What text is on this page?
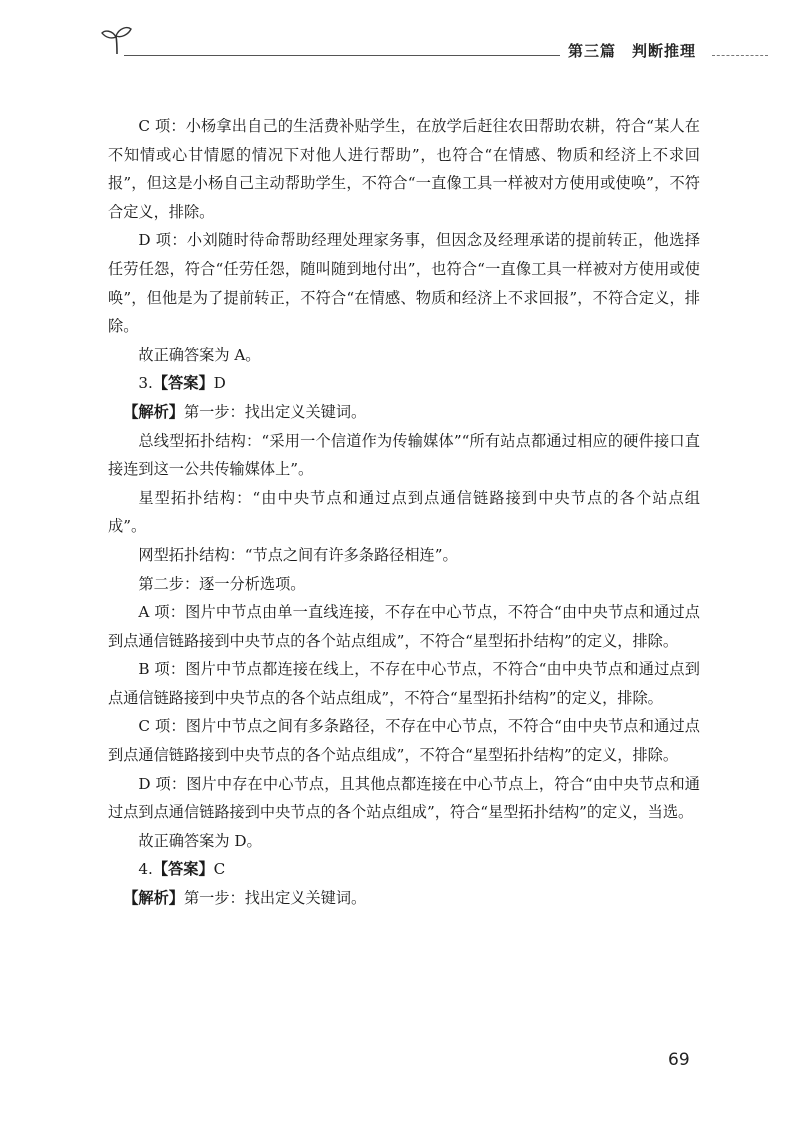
第三篇　判断推理

C 项：小杨拿出自己的生活费补贴学生，在放学后赶往农田帮助农耕，符合“某人在不知情或心甘情愿的情况下对他人进行帮助”，也符合“在情感、物质和经济上不求回报”，但这是小杨自己主动帮助学生，不符合“一直像工具一样被对方使用或使唤”，不符合定义，排除。

D 项：小刘随时待命帮助经理处理家务事，但因念及经理承诺的提前转正，他选择任劳任怨，符合“任劳任怨，随叫随到地付出”，也符合“一直像工具一样被对方使用或使唤”，但他是为了提前转正，不符合“在情感、物质和经济上不求回报”，不符合定义，排除。

故正确答案为 A。

3.【答案】D

【解析】第一步：找出定义关键词。

总线型拓扑结构：“采用一个信道作为传输媒体”“所有站点都通过相应的硬件接口直接连到这一公共传输媒体上”。

星型拓扑结构：“由中央节点和通过点到点通信链路接到中央节点的各个站点组成”。

网型拓扑结构：“节点之间有许多条路径相连”。

第二步：逐一分析选项。

A 项：图片中节点由单一直线连接，不存在中心节点，不符合“由中央节点和通过点到点通信链路接到中央节点的各个站点组成”，不符合“星型拓扑结构”的定义，排除。

B 项：图片中节点都连接在线上，不存在中心节点，不符合“由中央节点和通过点到点通信链路接到中央节点的各个站点组成”，不符合“星型拓扑结构”的定义，排除。

C 项：图片中节点之间有多条路径，不存在中心节点，不符合“由中央节点和通过点到点通信链路接到中央节点的各个站点组成”，不符合“星型拓扑结构”的定义，排除。

D 项：图片中存在中心节点，且其他点都连接在中心节点上，符合“由中央节点和通过点到点通信链路接到中央节点的各个站点组成”，符合“星型拓扑结构”的定义，当选。

故正确答案为 D。

4.【答案】C

【解析】第一步：找出定义关键词。

69
